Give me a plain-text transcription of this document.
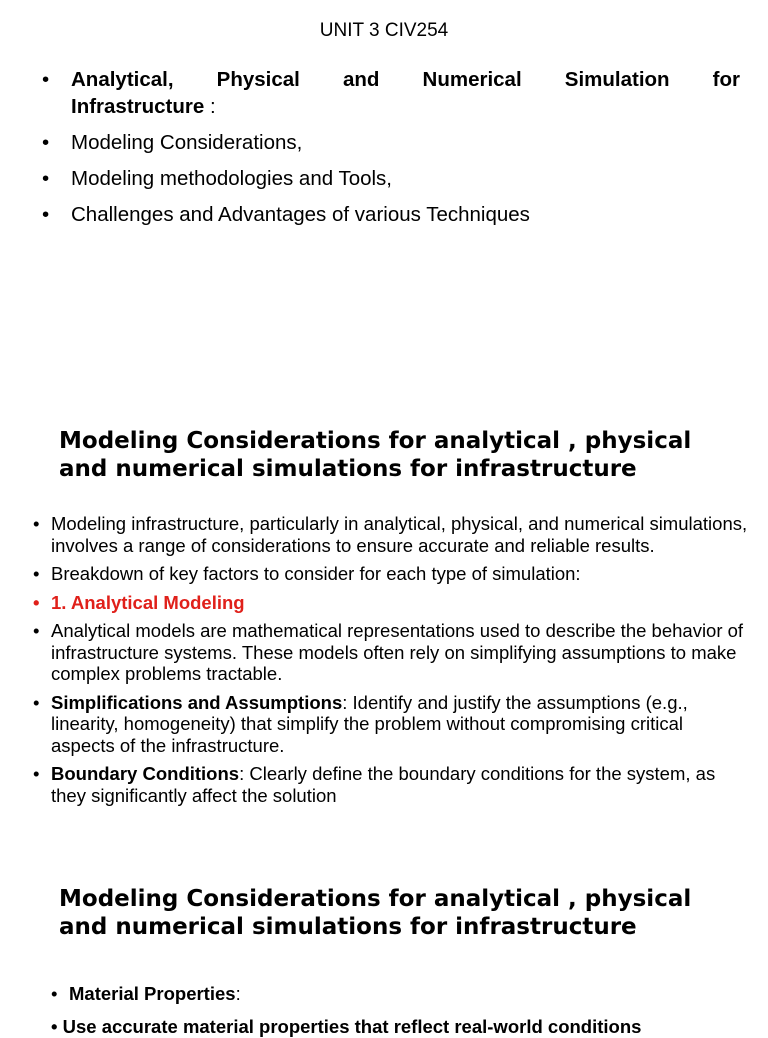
UNIT 3 CIV254
• Analytical, Physical and Numerical Simulation for
Infrastructure :
• Modeling Considerations,
• Modeling methodologies and Tools,
• Challenges and Advantages of various Techniques
Modeling Considerations for analytical , physical and numerical simulations for infrastructure
• Modeling infrastructure, particularly in analytical, physical, and numerical simulations, involves a range of considerations to ensure accurate and reliable results.
• Breakdown of key factors to consider for each type of simulation:
• 1. Analytical Modeling
• Analytical models are mathematical representations used to describe the behavior of infrastructure systems. These models often rely on simplifying assumptions to make complex problems tractable.
• Simplifications and Assumptions: Identify and justify the assumptions (e.g., linearity, homogeneity) that simplify the problem without compromising critical aspects of the infrastructure.
• Boundary Conditions: Clearly define the boundary conditions for the system, as they significantly affect the solution
Modeling Considerations for analytical , physical and numerical simulations for infrastructure
• Material Properties:
• Use accurate material properties that reflect real-world conditions
